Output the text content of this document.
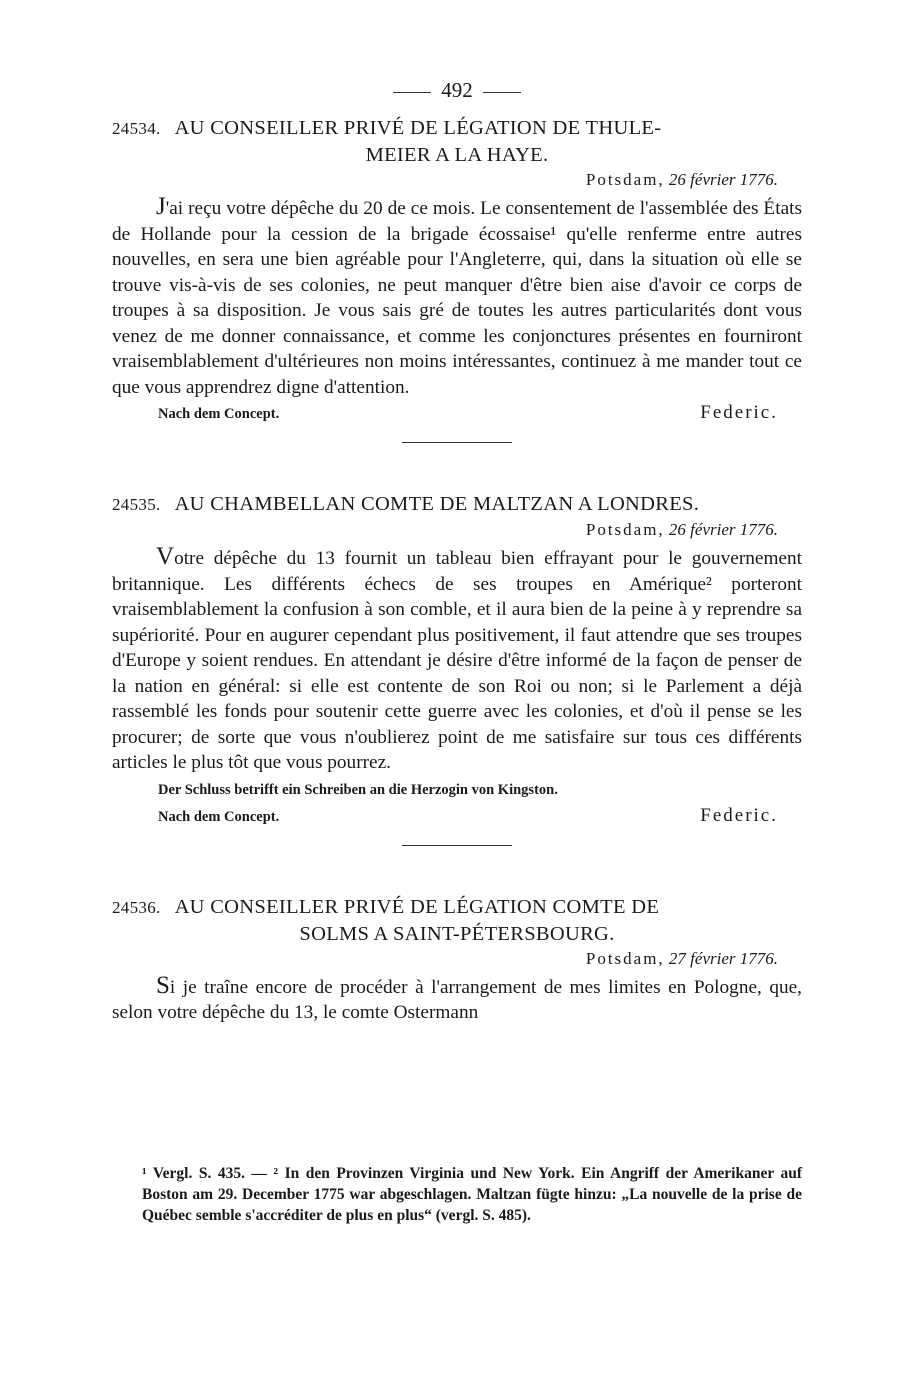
492
24534. AU CONSEILLER PRIVÉ DE LÉGATION DE THULE-
MEIER A LA HAYE.
Potsdam, 26 février 1776.

J'ai reçu votre dépêche du 20 de ce mois. Le consentement de l'assemblée des États de Hollande pour la cession de la brigade écossaise¹ qu'elle renferme entre autres nouvelles, en sera une bien agréable pour l'Angleterre, qui, dans la situation où elle se trouve vis-à-vis de ses colonies, ne peut manquer d'être bien aise d'avoir ce corps de troupes à sa disposition. Je vous sais gré de toutes les autres particularités dont vous venez de me donner connaissance, et comme les conjonctures présentes en fourniront vraisemblablement d'ultérieures non moins intéressantes, continuez à me mander tout ce que vous apprendrez digne d'attention.

Nach dem Concept.	Federic.
24535. AU CHAMBELLAN COMTE DE MALTZAN A LONDRES.
Potsdam, 26 février 1776.

Votre dépêche du 13 fournit un tableau bien effrayant pour le gouvernement britannique. Les différents échecs de ses troupes en Amérique² porteront vraisemblablement la confusion à son comble, et il aura bien de la peine à y reprendre sa supériorité. Pour en augurer cependant plus positivement, il faut attendre que ses troupes d'Europe y soient rendues. En attendant je désire d'être informé de la façon de penser de la nation en général: si elle est contente de son Roi ou non; si le Parlement a déjà rassemblé les fonds pour soutenir cette guerre avec les colonies, et d'où il pense se les procurer; de sorte que vous n'oublierez point de me satisfaire sur tous ces différents articles le plus tôt que vous pourrez.

Der Schluss betrifft ein Schreiben an die Herzogin von Kingston.
Nach dem Concept.	Federic.
24536. AU CONSEILLER PRIVÉ DE LÉGATION COMTE DE
SOLMS A SAINT-PÉTERSBOURG.
Potsdam, 27 février 1776.

Si je traîne encore de procéder à l'arrangement de mes limites en Pologne, que, selon votre dépêche du 13, le comte Ostermann

¹ Vergl. S. 435. — ² In den Provinzen Virginia und New York. Ein Angriff der Amerikaner auf Boston am 29. December 1775 war abgeschlagen. Maltzan fügte hinzu: „La nouvelle de la prise de Québec semble s'accréditer de plus en plus“ (vergl. S. 485).
